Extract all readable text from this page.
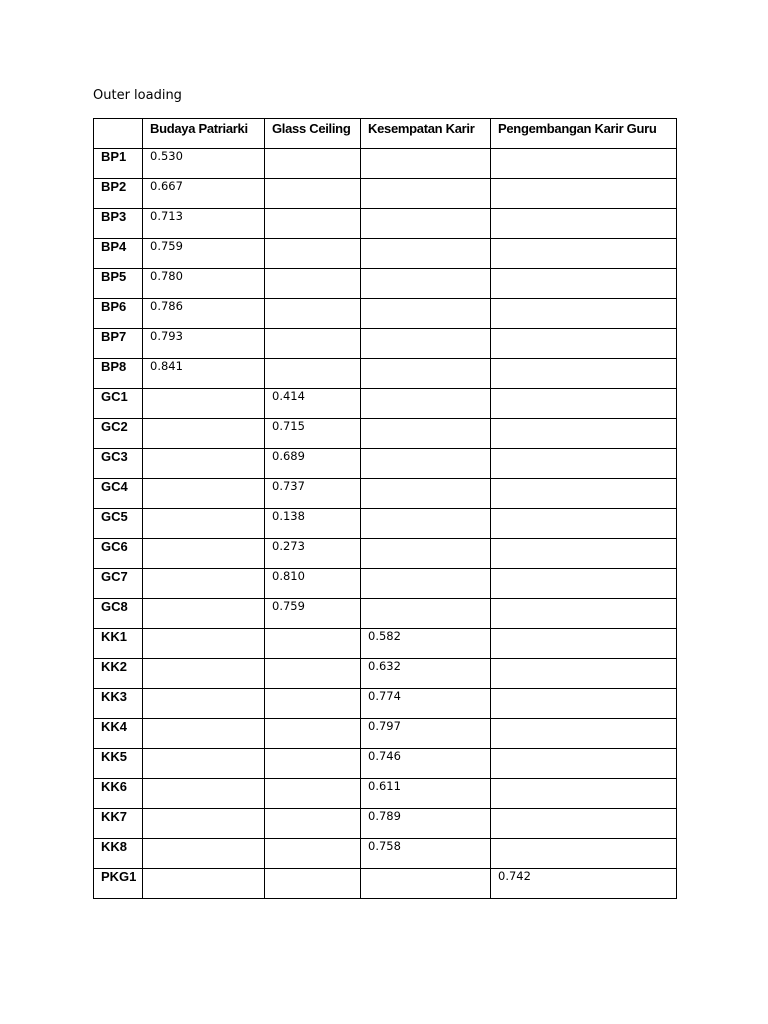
Outer loading
	Budaya Patriarki	Glass Ceiling	Kesempatan Karir	Pengembangan Karir Guru
BP1	0.530			
BP2	0.667			
BP3	0.713			
BP4	0.759			
BP5	0.780			
BP6	0.786			
BP7	0.793			
BP8	0.841			
GC1		0.414		
GC2		0.715		
GC3		0.689		
GC4		0.737		
GC5		0.138		
GC6		0.273		
GC7		0.810		
GC8		0.759		
KK1			0.582	
KK2			0.632	
KK3			0.774	
KK4			0.797	
KK5			0.746	
KK6			0.611	
KK7			0.789	
KK8			0.758	
PKG1				0.742
